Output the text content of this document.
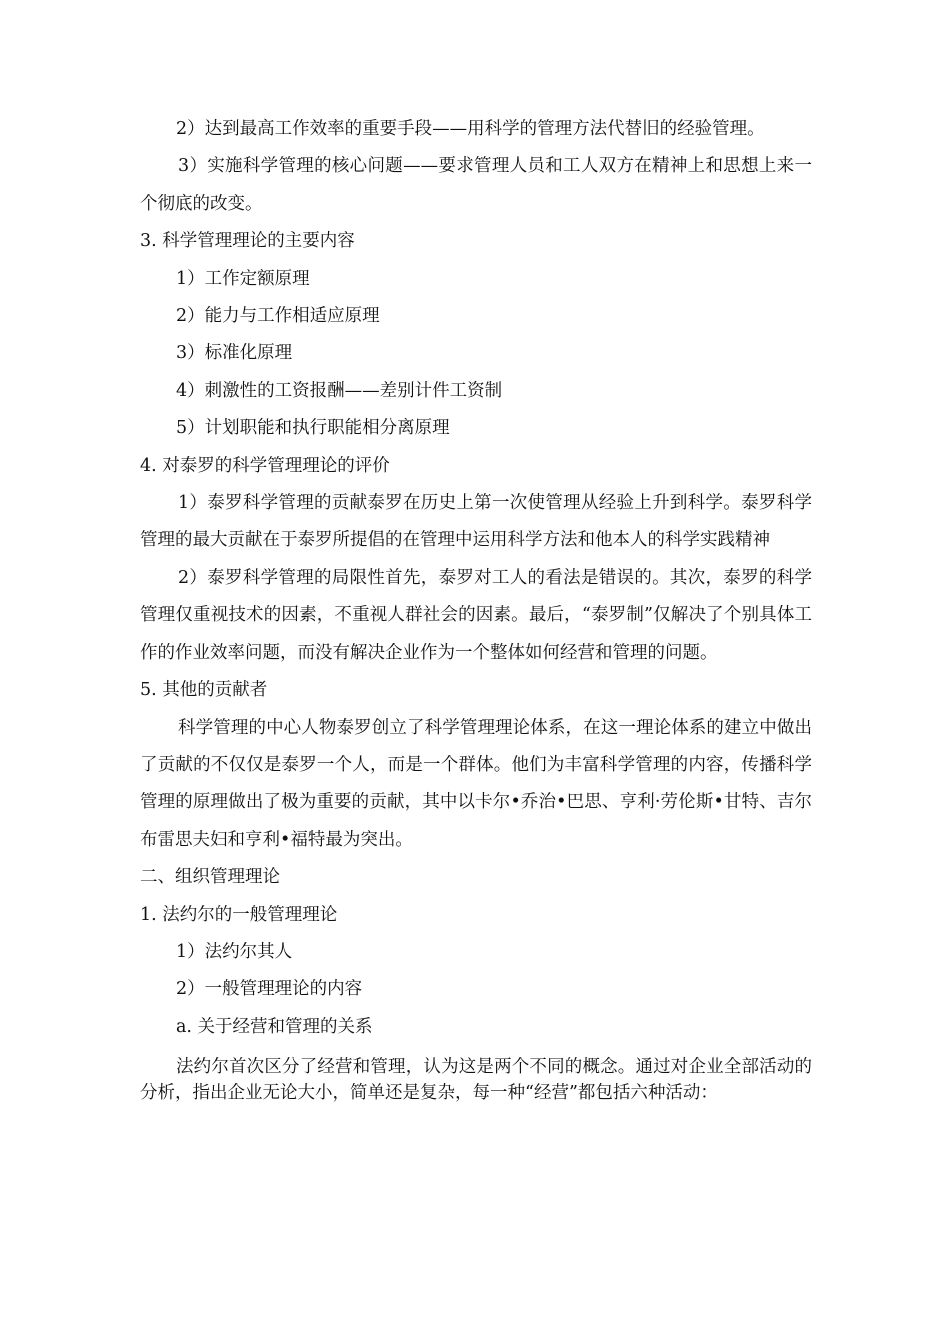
2）达到最高工作效率的重要手段——用科学的管理方法代替旧的经验管理。

3）实施科学管理的核心问题——要求管理人员和工人双方在精神上和思想上来一个彻底的改变。

3. 科学管理理论的主要内容

1）工作定额原理

2）能力与工作相适应原理

3）标准化原理

4）刺激性的工资报酬——差别计件工资制

5）计划职能和执行职能相分离原理

4. 对泰罗的科学管理理论的评价

1）泰罗科学管理的贡献泰罗在历史上第一次使管理从经验上升到科学。泰罗科学管理的最大贡献在于泰罗所提倡的在管理中运用科学方法和他本人的科学实践精神

2）泰罗科学管理的局限性首先，泰罗对工人的看法是错误的。其次，泰罗的科学管理仅重视技术的因素，不重视人群社会的因素。最后，“泰罗制”仅解决了个别具体工作的作业效率问题，而没有解决企业作为一个整体如何经营和管理的问题。

5. 其他的贡献者

科学管理的中心人物泰罗创立了科学管理理论体系，在这一理论体系的建立中做出了贡献的不仅仅是泰罗一个人，而是一个群体。他们为丰富科学管理的内容，传播科学管理的原理做出了极为重要的贡献，其中以卡尔•乔治•巴思、亨利·劳伦斯•甘特、吉尔布雷思夫妇和亨利•福特最为突出。

二、组织管理理论

1. 法约尔的一般管理理论

1）法约尔其人

2）一般管理理论的内容

a. 关于经营和管理的关系

法约尔首次区分了经营和管理，认为这是两个不同的概念。通过对企业全部活动的分析，指出企业无论大小，简单还是复杂，每一种“经营”都包括六种活动：
